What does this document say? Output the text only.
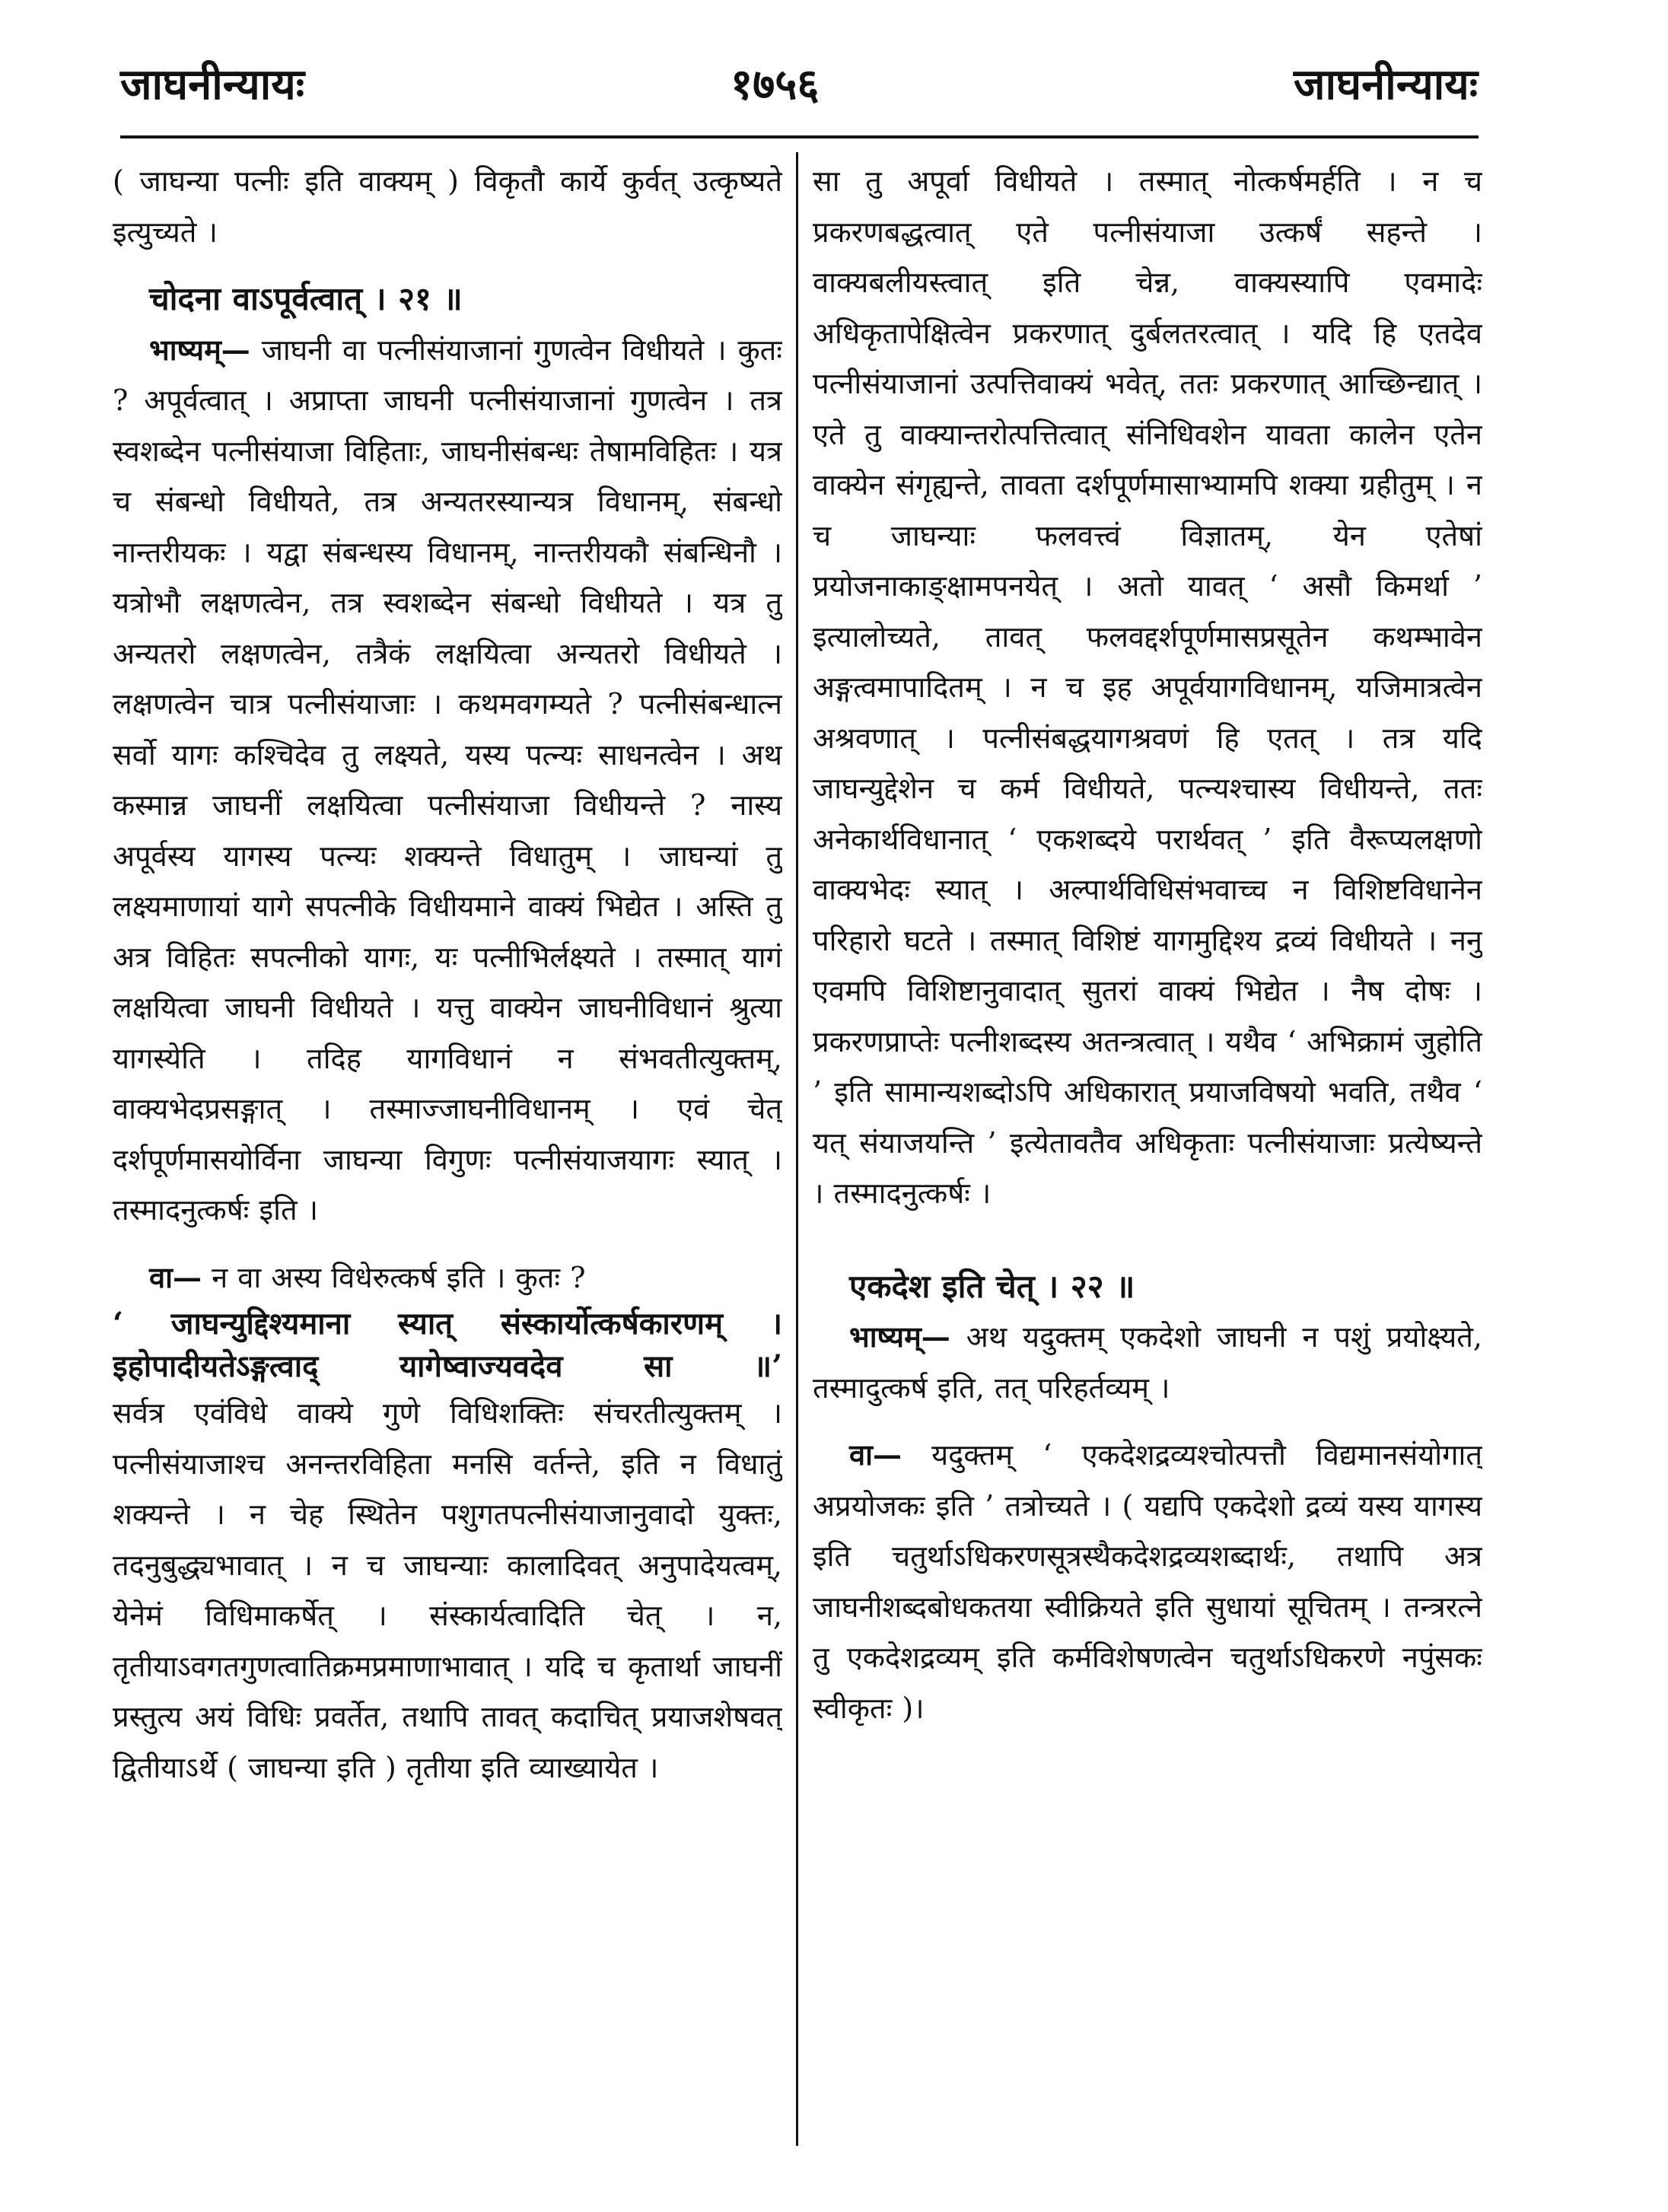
जाघनीन्यायः	१७५६	जाघनीन्यायः

( जाघन्या पत्नीः इति वाक्यम् ) विकृतौ कार्ये कुर्वत् उत्कृष्यते इत्युच्यते ।

चोदना वाऽपूर्वत्वात् । २१ ॥

भाष्यम्— जाघनी वा पत्नीसंयाजानां गुणत्वेन विधीयते । कुतः ? अपूर्वत्वात् । अप्राप्ता जाघनी पत्नीसंयाजानां गुणत्वेन । तत्र स्वशब्देन पत्नीसंयाजा विहिताः, जाघनीसंबन्धः तेषामविहितः । यत्र च संबन्धो विधीयते, तत्र अन्यतरस्यान्यत्र विधानम्, संबन्धो नान्तरीयकः । यद्वा संबन्धस्य विधानम्, नान्तरीयकौ संबन्धिनौ । यत्रोभौ लक्षणत्वेन, तत्र स्वशब्देन संबन्धो विधीयते । यत्र तु अन्यतरो लक्षणत्वेन, तत्रैकं लक्षयित्वा अन्यतरो विधीयते । लक्षणत्वेन चात्र पत्नीसंयाजाः । कथमवगम्यते ? पत्नीसंबन्धात्न सर्वो यागः कश्चिदेव तु लक्ष्यते, यस्य पत्न्यः साधनत्वेन । अथ कस्मान्न जाघनीं लक्षयित्वा पत्नीसंयाजा विधीयन्ते ? नास्य अपूर्वस्य यागस्य पत्न्यः शक्यन्ते विधातुम् । जाघन्यां तु लक्ष्यमाणायां यागे सपत्नीके विधीयमाने वाक्यं भिद्येत । अस्ति तु अत्र विहितः सपत्नीको यागः, यः पत्नीभिर्लक्ष्यते । तस्मात् यागं लक्षयित्वा जाघनी विधीयते । यत्तु वाक्येन जाघनीविधानं श्रुत्या यागस्येति । तदिह यागविधानं न संभवतीत्युक्तम्, वाक्यभेदप्रसङ्गात् । तस्माज्जाघनीविधानम् । एवं चेत् दर्शपूर्णमासयोर्विना जाघन्या विगुणः पत्नीसंयाजयागः स्यात् । तस्मादनुत्कर्षः इति ।

वा— न वा अस्य विधेरुत्कर्ष इति । कुतः ?

‘ जाघन्युद्दिश्यमाना स्यात् संस्कार्योत्कर्षकारणम् ।

इहोपादीयतेऽङ्गत्वाद् यागेष्वाज्यवदेव सा ॥’

सर्वत्र एवंविधे वाक्ये गुणे विधिशक्तिः संचरतीत्युक्तम् । पत्नीसंयाजाश्च अनन्तरविहिता मनसि वर्तन्ते, इति न विधातुं शक्यन्ते । न चेह स्थितेन पशुगतपत्नीसंयाजानुवादो युक्तः, तदनुबुद्ध्यभावात् । न च जाघन्याः कालादिवत् अनुपादेयत्वम्, येनेमं विधिमाकर्षेत् । संस्कार्यत्वादिति चेत् । न, तृतीयाऽवगतगुणत्वातिक्रमप्रमाणाभावात् । यदि च कृतार्था जाघनीं प्रस्तुत्य अयं विधिः प्रवर्तेत, तथापि तावत् कदाचित् प्रयाजशेषवत् द्वितीयाऽर्थे ( जाघन्या इति ) तृतीया इति व्याख्यायेत ।

सा तु अपूर्वा विधीयते । तस्मात् नोत्कर्षमर्हति । न च प्रकरणबद्धत्वात् एते पत्नीसंयाजा उत्कर्षं सहन्ते । वाक्यबलीयस्त्वात् इति चेन्न, वाक्यस्यापि एवमादेः अधिकृतापेक्षित्वेन प्रकरणात् दुर्बलतरत्वात् । यदि हि एतदेव पत्नीसंयाजानां उत्पत्तिवाक्यं भवेत्, ततः प्रकरणात् आच्छिन्द्यात् । एते तु वाक्यान्तरोत्पत्तित्वात् संनिधिवशेन यावता कालेन एतेन वाक्येन संगृह्यन्ते, तावता दर्शपूर्णमासाभ्यामपि शक्या ग्रहीतुम् । न च जाघन्याः फलवत्त्वं विज्ञातम्, येन एतेषां प्रयोजनाकाङ्क्षामपनयेत् । अतो यावत् ‘ असौ किमर्था ’ इत्यालोच्यते, तावत् फलवद्दर्शपूर्णमासप्रसूतेन कथम्भावेन अङ्गत्वमापादितम् । न च इह अपूर्वयागविधानम्, यजिमात्रत्वेन अश्रवणात् । पत्नीसंबद्धयागश्रवणं हि एतत् । तत्र यदि जाघन्युद्देशेन च कर्म विधीयते, पत्न्यश्चास्य विधीयन्ते, ततः अनेकार्थविधानात् ‘ एकशब्दये परार्थवत् ’ इति वैरूप्यलक्षणो वाक्यभेदः स्यात् । अल्पार्थविधिसंभवाच्च न विशिष्टविधानेन परिहारो घटते । तस्मात् विशिष्टं यागमुद्दिश्य द्रव्यं विधीयते । ननु एवमपि विशिष्टानुवादात् सुतरां वाक्यं भिद्येत । नैष दोषः । प्रकरणप्राप्तेः पत्नीशब्दस्य अतन्त्रत्वात् । यथैव ‘ अभिक्रामं जुहोति ’ इति सामान्यशब्दोऽपि अधिकारात् प्रयाजविषयो भवति, तथैव ‘ यत् संयाजयन्ति ’ इत्येतावतैव अधिकृताः पत्नीसंयाजाः प्रत्येष्यन्ते । तस्मादनुत्कर्षः ।

एकदेश इति चेत् । २२ ॥

भाष्यम्— अथ यदुक्तम् एकदेशो जाघनी न पशुं प्रयोक्ष्यते, तस्मादुत्कर्ष इति, तत् परिहर्तव्यम् ।

वा— यदुक्तम् ‘ एकदेशद्रव्यश्चोत्पत्तौ विद्यमानसंयोगात् अप्रयोजकः इति ’ तत्रोच्यते । ( यद्यपि एकदेशो द्रव्यं यस्य यागस्य इति चतुर्थाऽधिकरणसूत्रस्थैकदेशद्रव्यशब्दार्थः, तथापि अत्र जाघनीशब्दबोधकतया स्वीक्रियते इति सुधायां सूचितम् । तन्त्ररत्ने तु एकदेशद्रव्यम् इति कर्मविशेषणत्वेन चतुर्थाऽधिकरणे नपुंसकः स्वीकृतः )।
